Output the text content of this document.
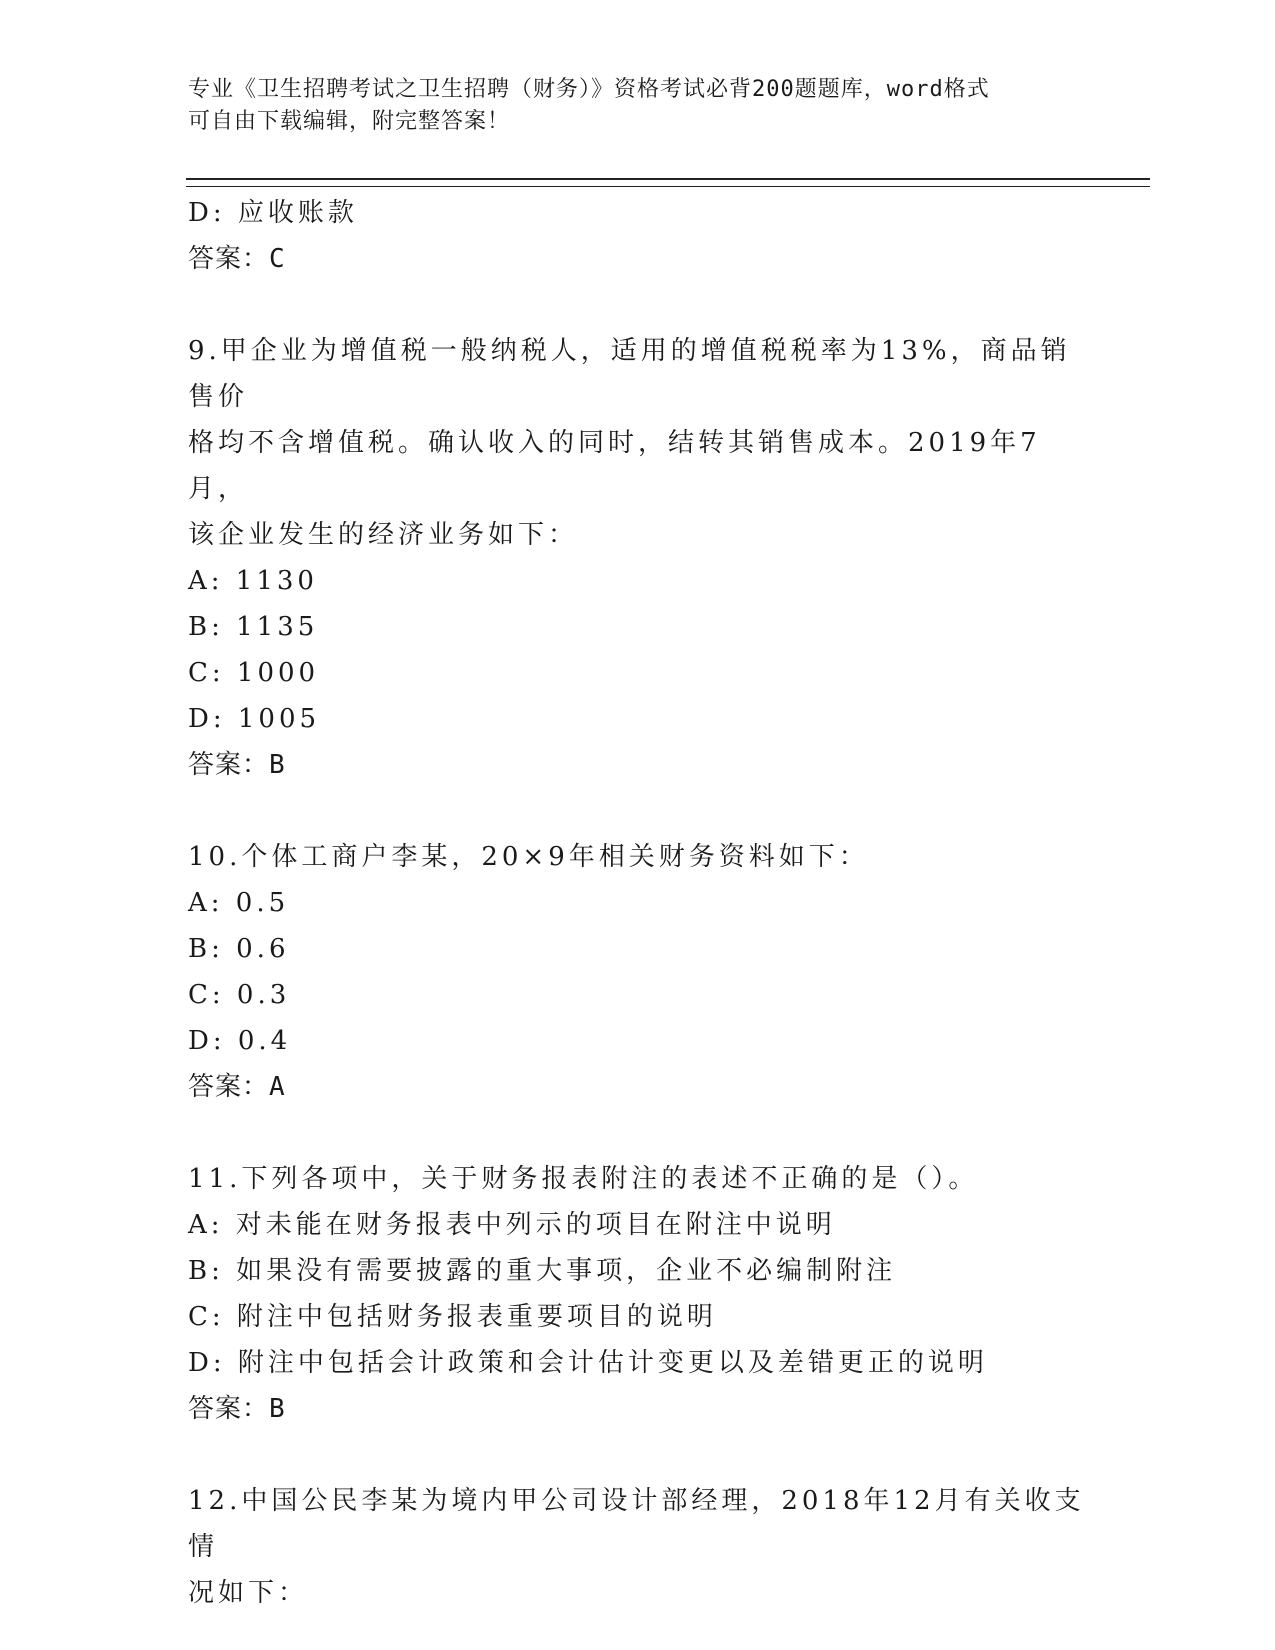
专业《卫生招聘考试之卫生招聘（财务）》资格考试必背200题题库，word格式
可自由下载编辑，附完整答案！
D: 应收账款
答案：C
9.甲企业为增值税一般纳税人，适用的增值税税率为13%，商品销售价
格均不含增值税。确认收入的同时，结转其销售成本。2019年7月，
该企业发生的经济业务如下：
A: 1130
B: 1135
C: 1000
D: 1005
答案：B
10.个体工商户李某，20×9年相关财务资料如下：
A: 0.5
B: 0.6
C: 0.3
D: 0.4
答案：A
11.下列各项中，关于财务报表附注的表述不正确的是（）。
A: 对未能在财务报表中列示的项目在附注中说明
B: 如果没有需要披露的重大事项，企业不必编制附注
C: 附注中包括财务报表重要项目的说明
D: 附注中包括会计政策和会计估计变更以及差错更正的说明
答案：B
12.中国公民李某为境内甲公司设计部经理，2018年12月有关收支情
况如下：
